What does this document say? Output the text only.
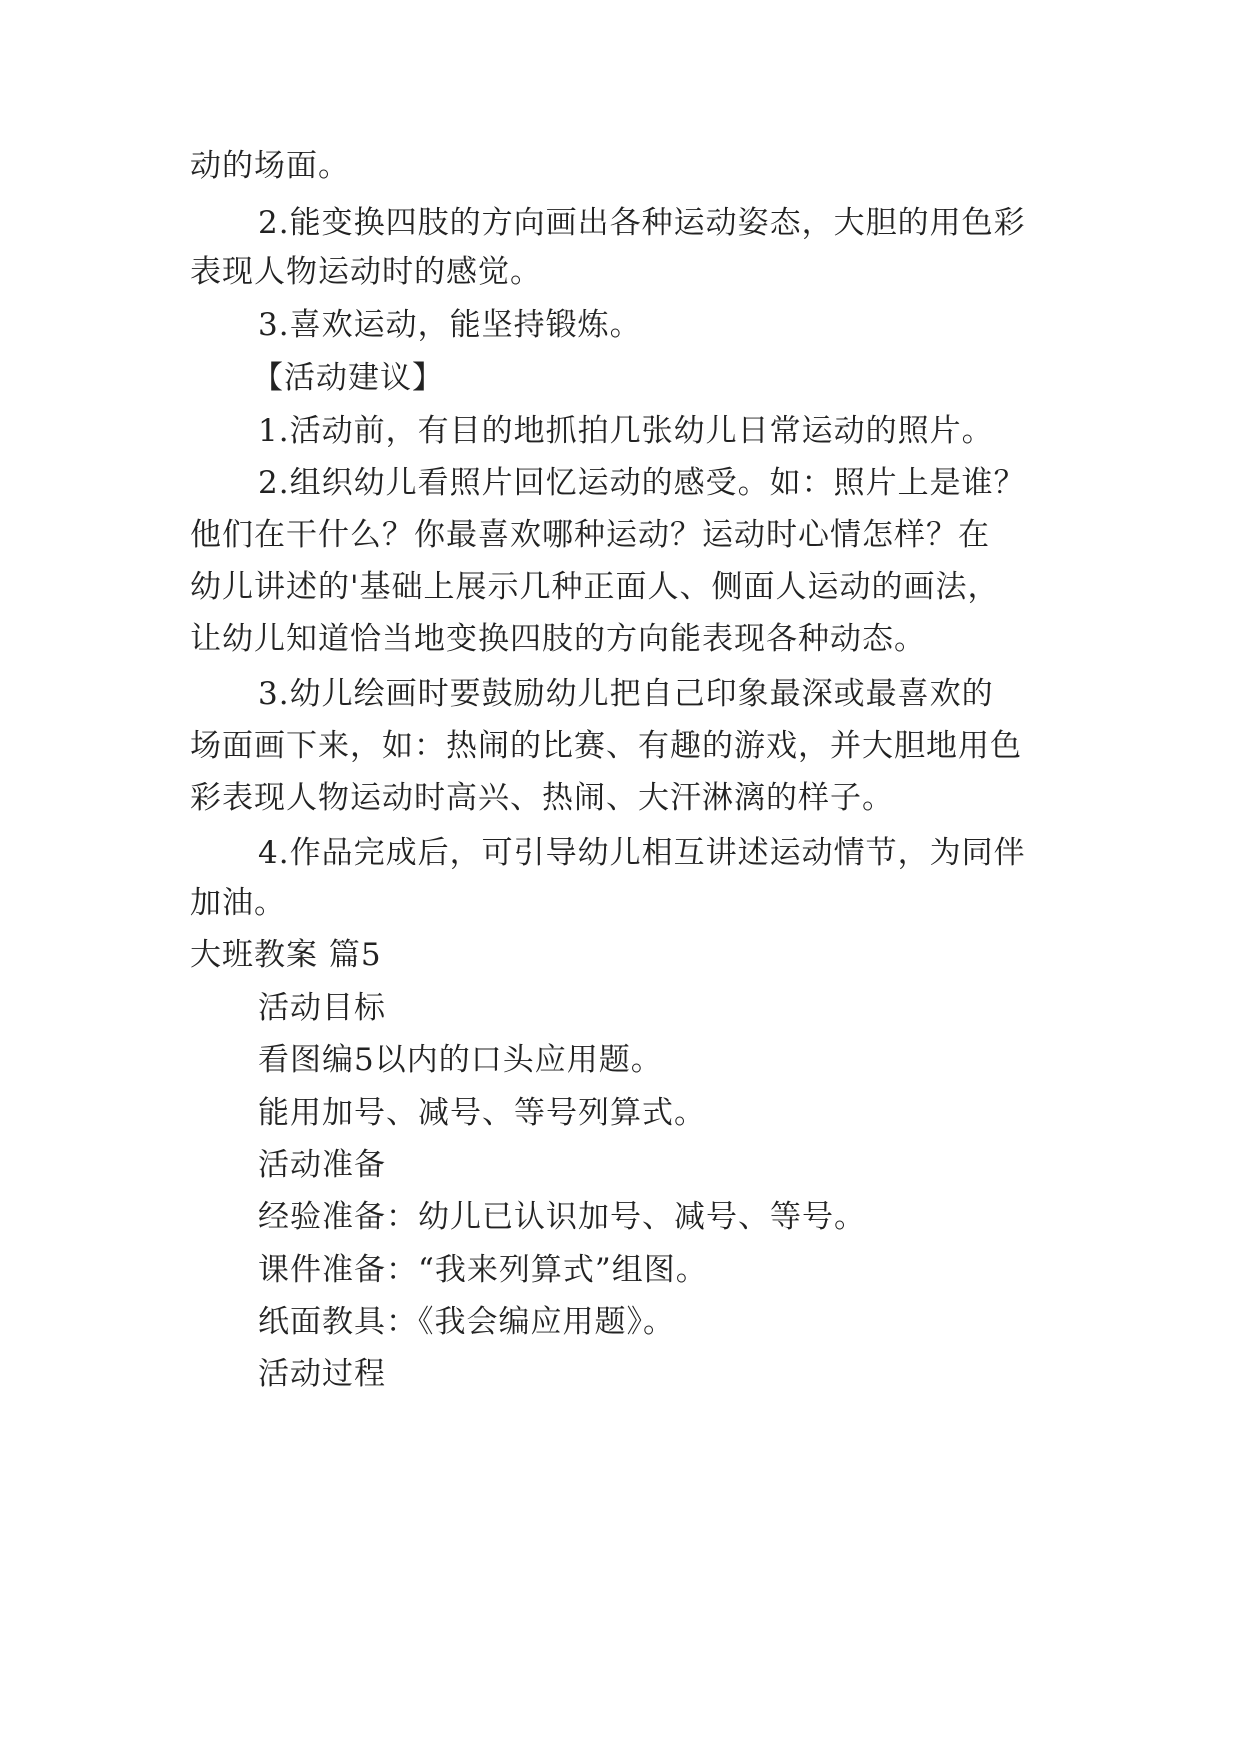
动的场面。
2.能变换四肢的方向画出各种运动姿态，大胆的用色彩
表现人物运动时的感觉。
3.喜欢运动，能坚持锻炼。
【活动建议】
1.活动前，有目的地抓拍几张幼儿日常运动的照片。
2.组织幼儿看照片回忆运动的感受。如：照片上是谁？
他们在干什么？你最喜欢哪种运动？运动时心情怎样？在
幼儿讲述的'基础上展示几种正面人、侧面人运动的画法，
让幼儿知道恰当地变换四肢的方向能表现各种动态。
3.幼儿绘画时要鼓励幼儿把自己印象最深或最喜欢的
场面画下来，如：热闹的比赛、有趣的游戏，并大胆地用色
彩表现人物运动时高兴、热闹、大汗淋漓的样子。
4.作品完成后，可引导幼儿相互讲述运动情节，为同伴
加油。
大班教案 篇5
活动目标
看图编5以内的口头应用题。
能用加号、减号、等号列算式。
活动准备
经验准备：幼儿已认识加号、减号、等号。
课件准备：“我来列算式”组图。
纸面教具：《我会编应用题》。
活动过程
